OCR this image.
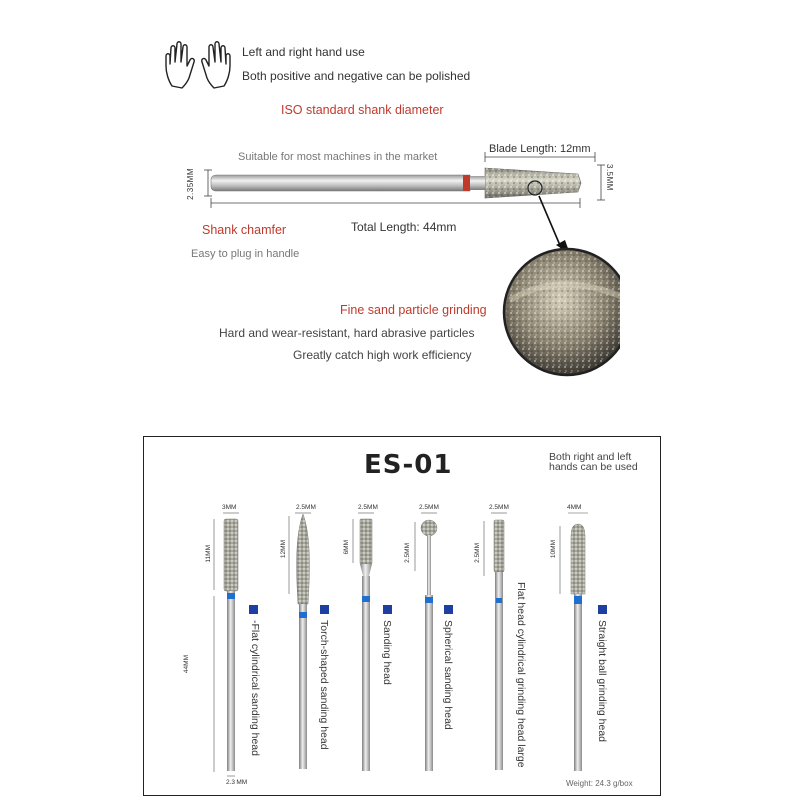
Left and right hand use
Both positive and negative can be polished
ISO standard shank diameter
Suitable for most machines in the market
Blade Length: 12mm
2.35MM	3.5MM
Total Length: 44mm
Shank chamfer
Easy to plug in handle
Fine sand particle grinding
Hard and wear-resistant, hard abrasive particles
Greatly catch high work efficiency
ES-01	Both right and left
hands can be used
3MM
11MM
44MM
2.3 MM
-Flat cylindrical sanding head
2.5MM
12MM
Torch-shaped sanding head
2.5MM
6MM
Sanding head
2.5MM
2.5MM
Spherical sanding head
2.5MM
2.5MM
Flat head cylindrical grinding head large
4MM
10MM
Straight ball grinding head
Weight: 24.3 g/box
